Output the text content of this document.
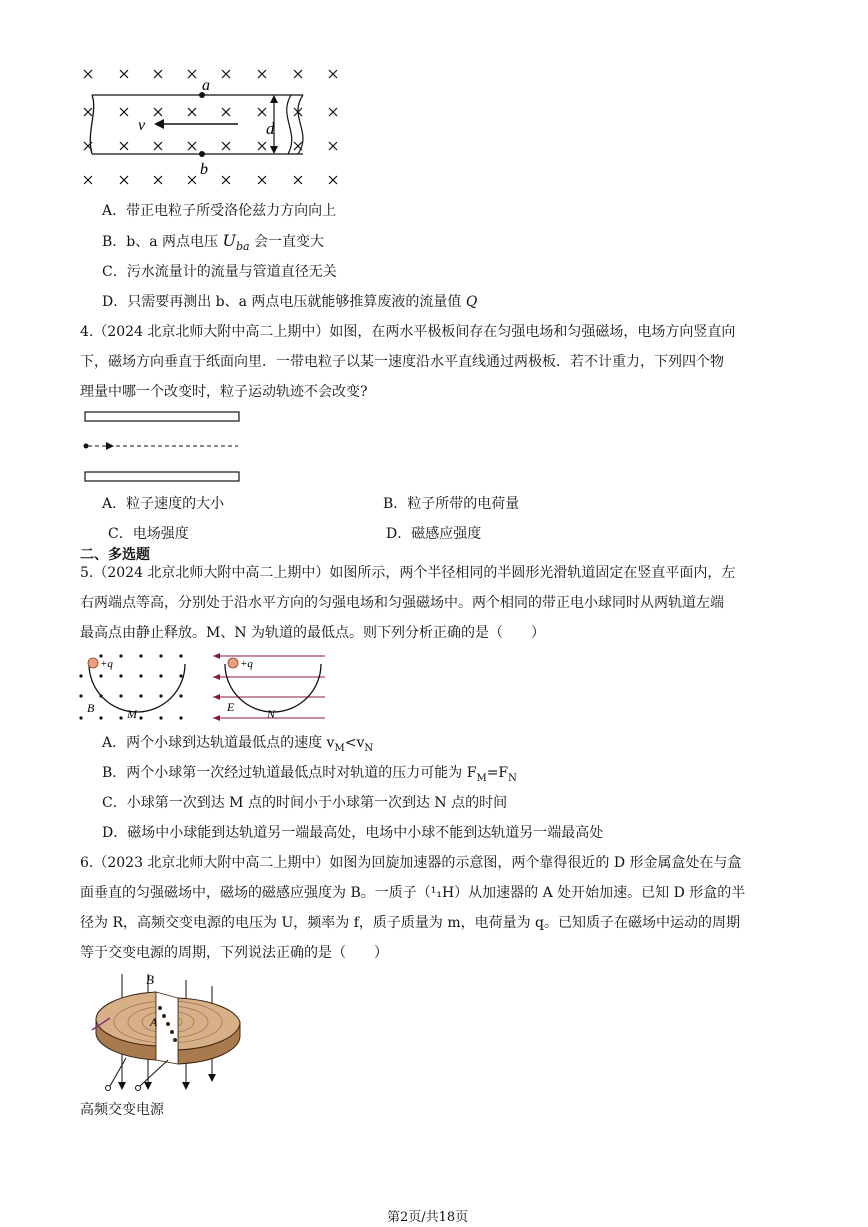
v	d
a
b
A．带正电粒子所受洛伦兹力方向向上
B．b、a 两点电压 $U_{ba}$ 会一直变大
C．污水流量计的流量与管道直径无关
D．只需要再测出 b、a 两点电压就能够推算废液的流量值 Q
4.（2024 北京北师大附中高二上期中）如图，在两水平极板间存在匀强电场和匀强磁场，电场方向竖直向
下，磁场方向垂直于纸面向里．一带电粒子以某一速度沿水平直线通过两极板．若不计重力，下列四个物
理量中哪一个改变时，粒子运动轨迹不会改变?
A．粒子速度的大小	B．粒子所带的电荷量
C．电场强度	D．磁感应强度
二、多选题
5.（2024 北京北师大附中高二上期中）如图所示，两个半径相同的半圆形光滑轨道固定在竖直平面内，左
右两端点等高，分别处于沿水平方向的匀强电场和匀强磁场中。两个相同的带正电小球同时从两轨道左端
最高点由静止释放。M、N 为轨道的最低点。则下列分析正确的是（　　）
+q
B	M
+q
E	N
A．两个小球到达轨道最低点的速度 $v_M<v_N$
B．两个小球第一次经过轨道最低点时对轨道的压力可能为 $F_M=F_N$
C．小球第一次到达 M 点的时间小于小球第一次到达 N 点的时间
D．磁场中小球能到达轨道另一端最高处，电场中小球不能到达轨道另一端最高处
6.（2023 北京北师大附中高二上期中）如图为回旋加速器的示意图，两个靠得很近的 D 形金属盒处在与盒
面垂直的匀强磁场中，磁场的磁感应强度为 B。一质子（¹₁H）从加速器的 A 处开始加速。已知 D 形盒的半
径为 R，高频交变电源的电压为 U，频率为 f，质子质量为 m，电荷量为 q。已知质子在磁场中运动的周期
等于交变电源的周期，下列说法正确的是（　　）
B
A
高频交变电源
第2页/共18页
